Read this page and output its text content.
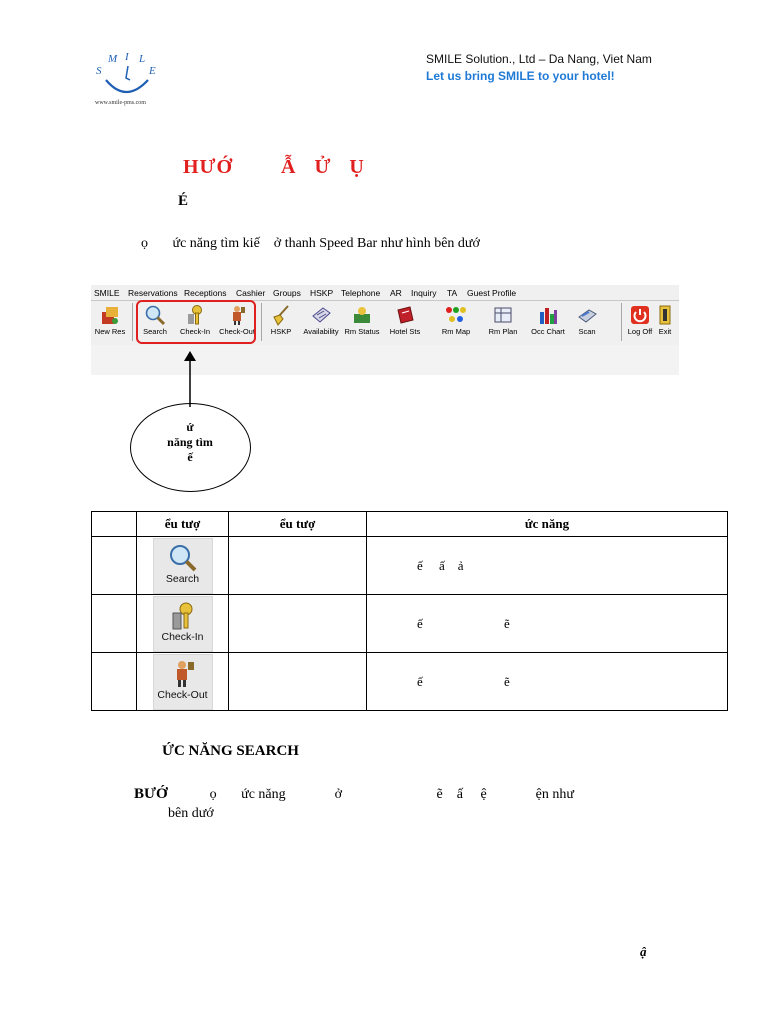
S
M I L
E
www.smile-pms.com
SMILE Solution., Ltd – Da Nang, Viet Nam
Let us bring SMILE to your hotel!
HƯỚ        Ẫ   Ử   Ụ
É
ọ       ức năng tìm kiế    ở thanh Speed Bar như hình bên dướ
SMILE Reservations Receptions Cashier Groups HSKP Telephone AR Inquiry TA Guest Profile
New Res	Search	Check-In	Check-Out	HSKP	Availability Rm Status	Hotel Sts	Rm Map	Rm Plan	Occ Chart	Scan	Log Off Exit
ứ
năng tìm
ế
	ểu tượ	ểu tượ	ức năng

	Search		ế     ấ    ả

	Check-In		ế                         ẽ

	Check-Out		ế                         ẽ
ỨC NĂNG SEARCH
BƯỚ            ọ       ức năng              ở                           ẽ    ấ     ệ              ện như
bên dướ
ậ
